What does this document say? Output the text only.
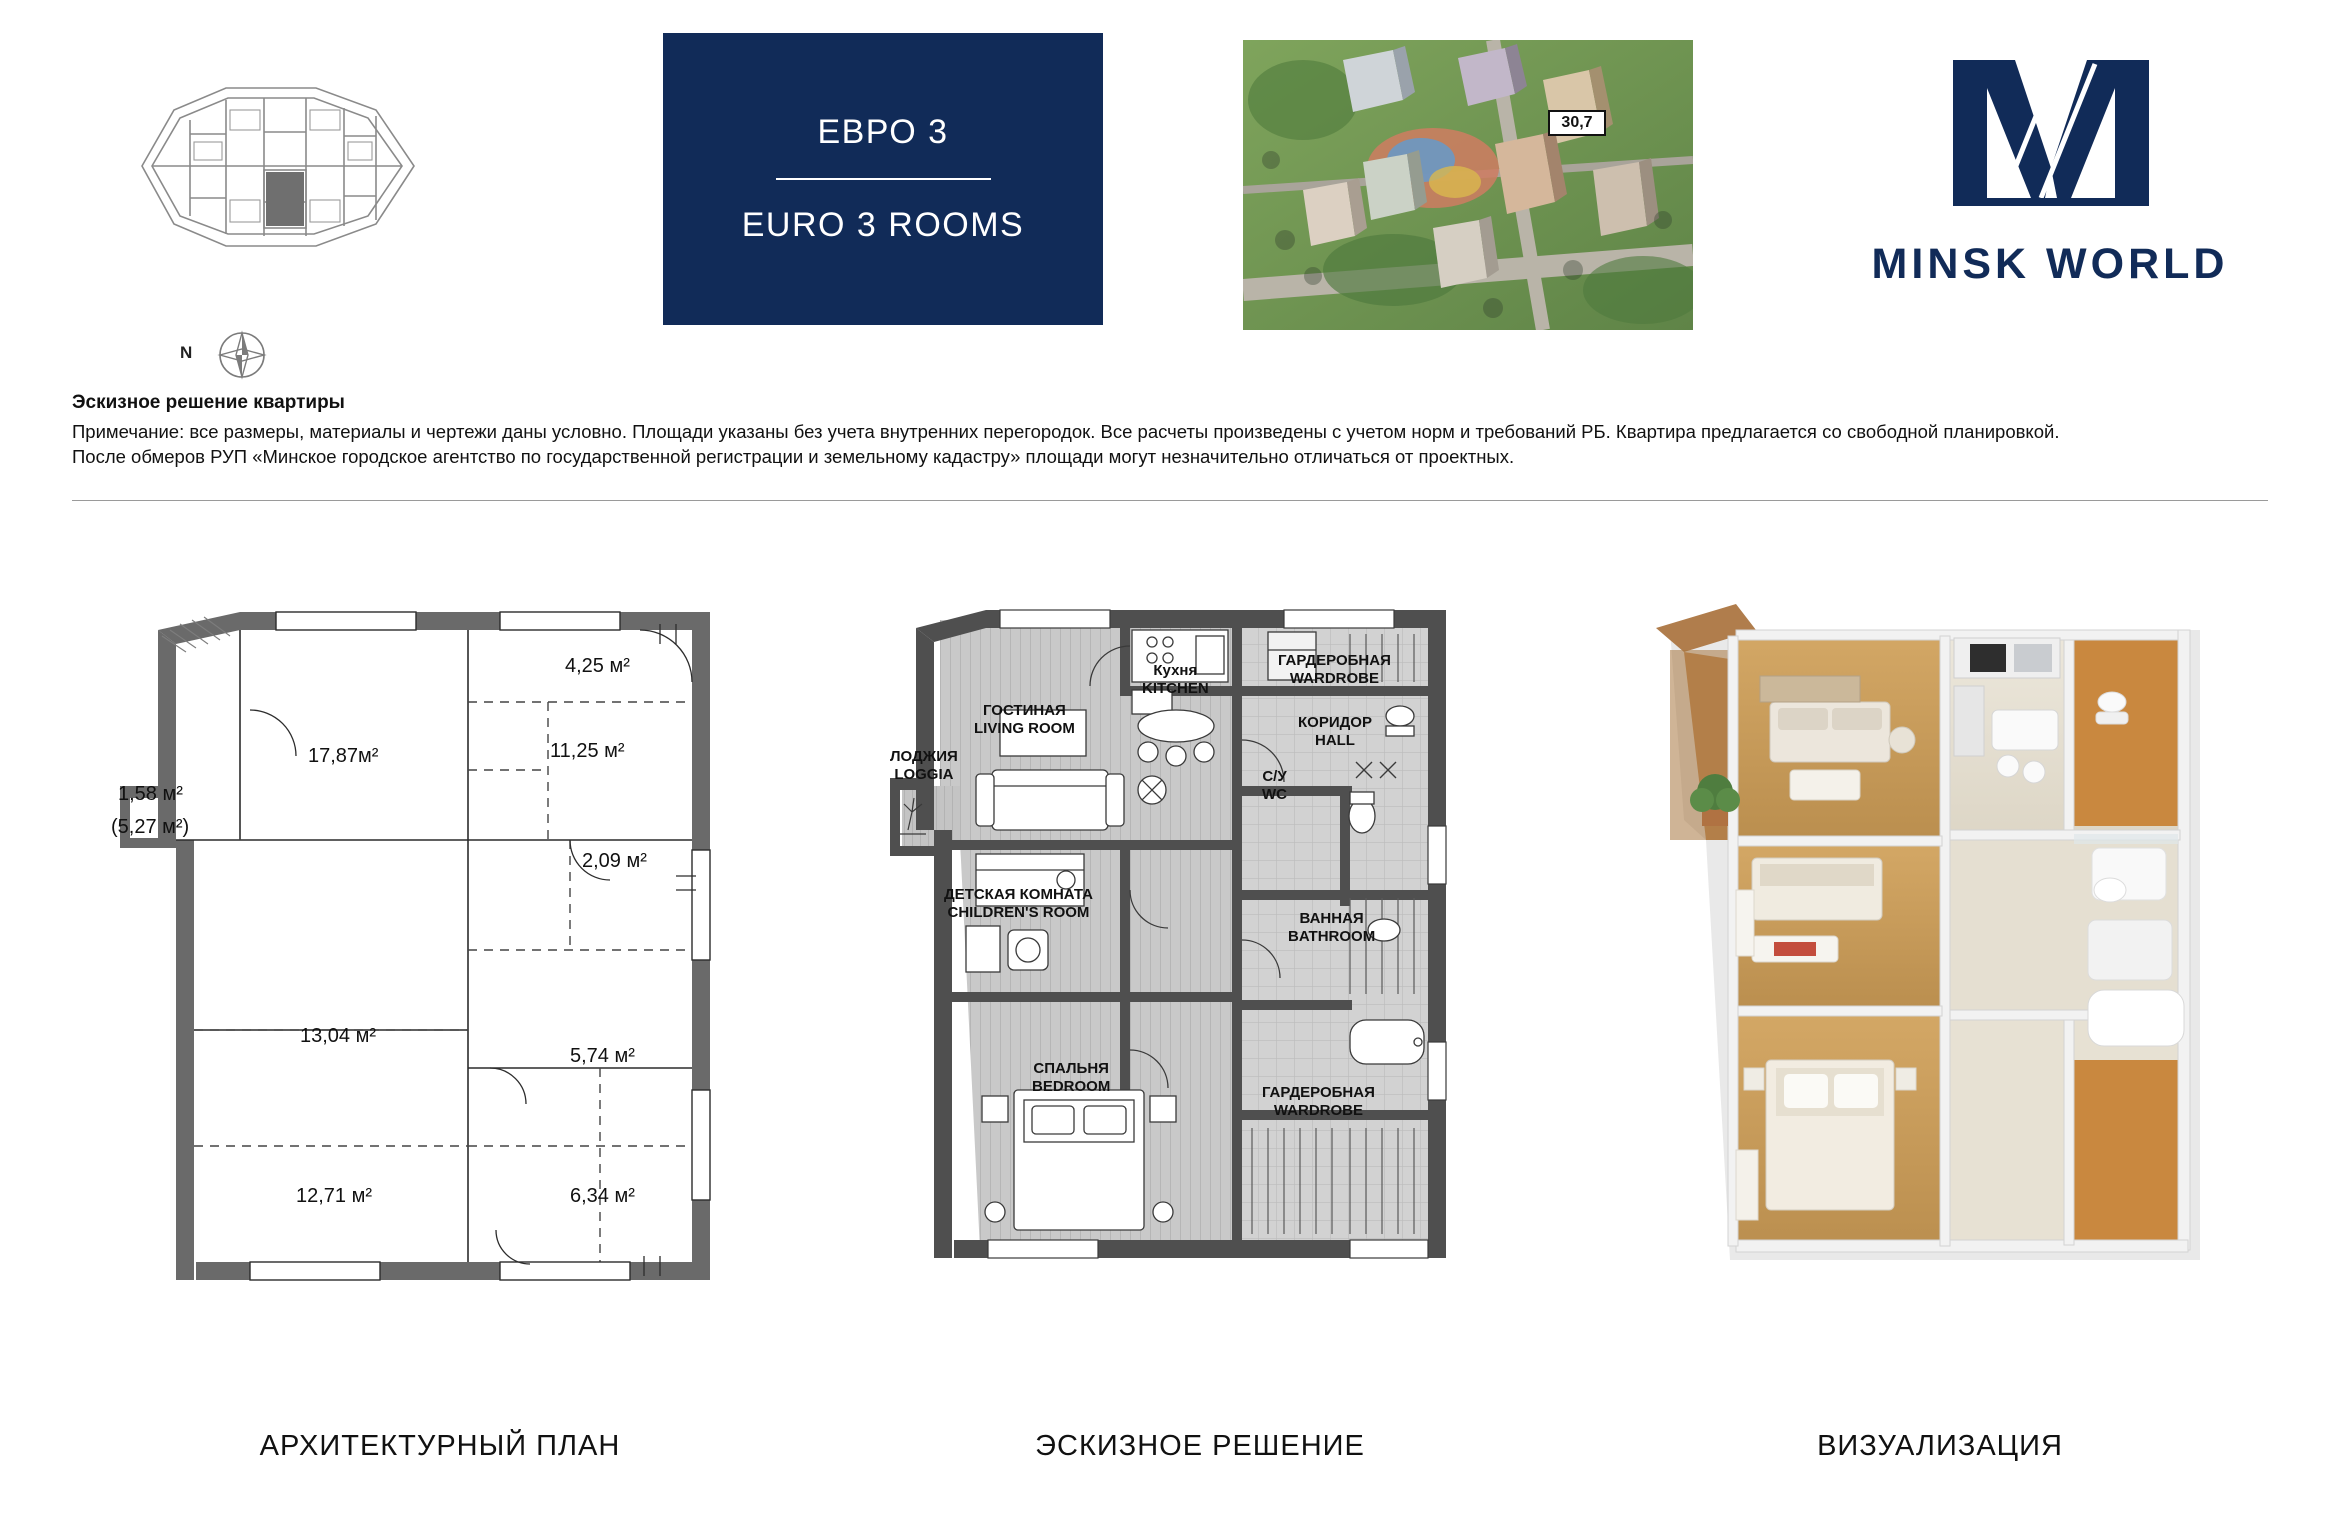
N
ЕВРО 3
EURO 3 ROOMS
30,7
MINSK WORLD
Эскизное решение квартиры
Примечание: все размеры, материалы и чертежи даны условно. Площади указаны без учета внутренних перегородок. Все расчеты произведены с учетом норм и требований РБ. Квартира предлагается со свободной планировкой.
После обмеров РУП «Минское городское агентство по государственной регистрации и земельному кадастру» площади могут незначительно отличаться от проектных.
4,25 м²
17,87м²	11,25 м²
1,58 м²
(5,27 м²)
2,09 м²
13,04 м²
5,74 м²
12,71 м²	6,34 м²
Кухня
KITCHEN
ГОСТИНАЯ
LIVING ROOM
ГАРДЕРОБНАЯ
WARDROBE
КОРИДОР
HALL
ЛОДЖИЯ
LOGGIA	С/У
WC
ДЕТСКАЯ КОМНАТА
CHILDREN'S ROOM	ВАННАЯ
BATHROOM
СПАЛЬНЯ
BEDROOM	ГАРДЕРОБНАЯ
WARDROBE
АРХИТЕКТУРНЫЙ ПЛАН	ЭСКИЗНОЕ РЕШЕНИЕ	ВИЗУАЛИЗАЦИЯ
